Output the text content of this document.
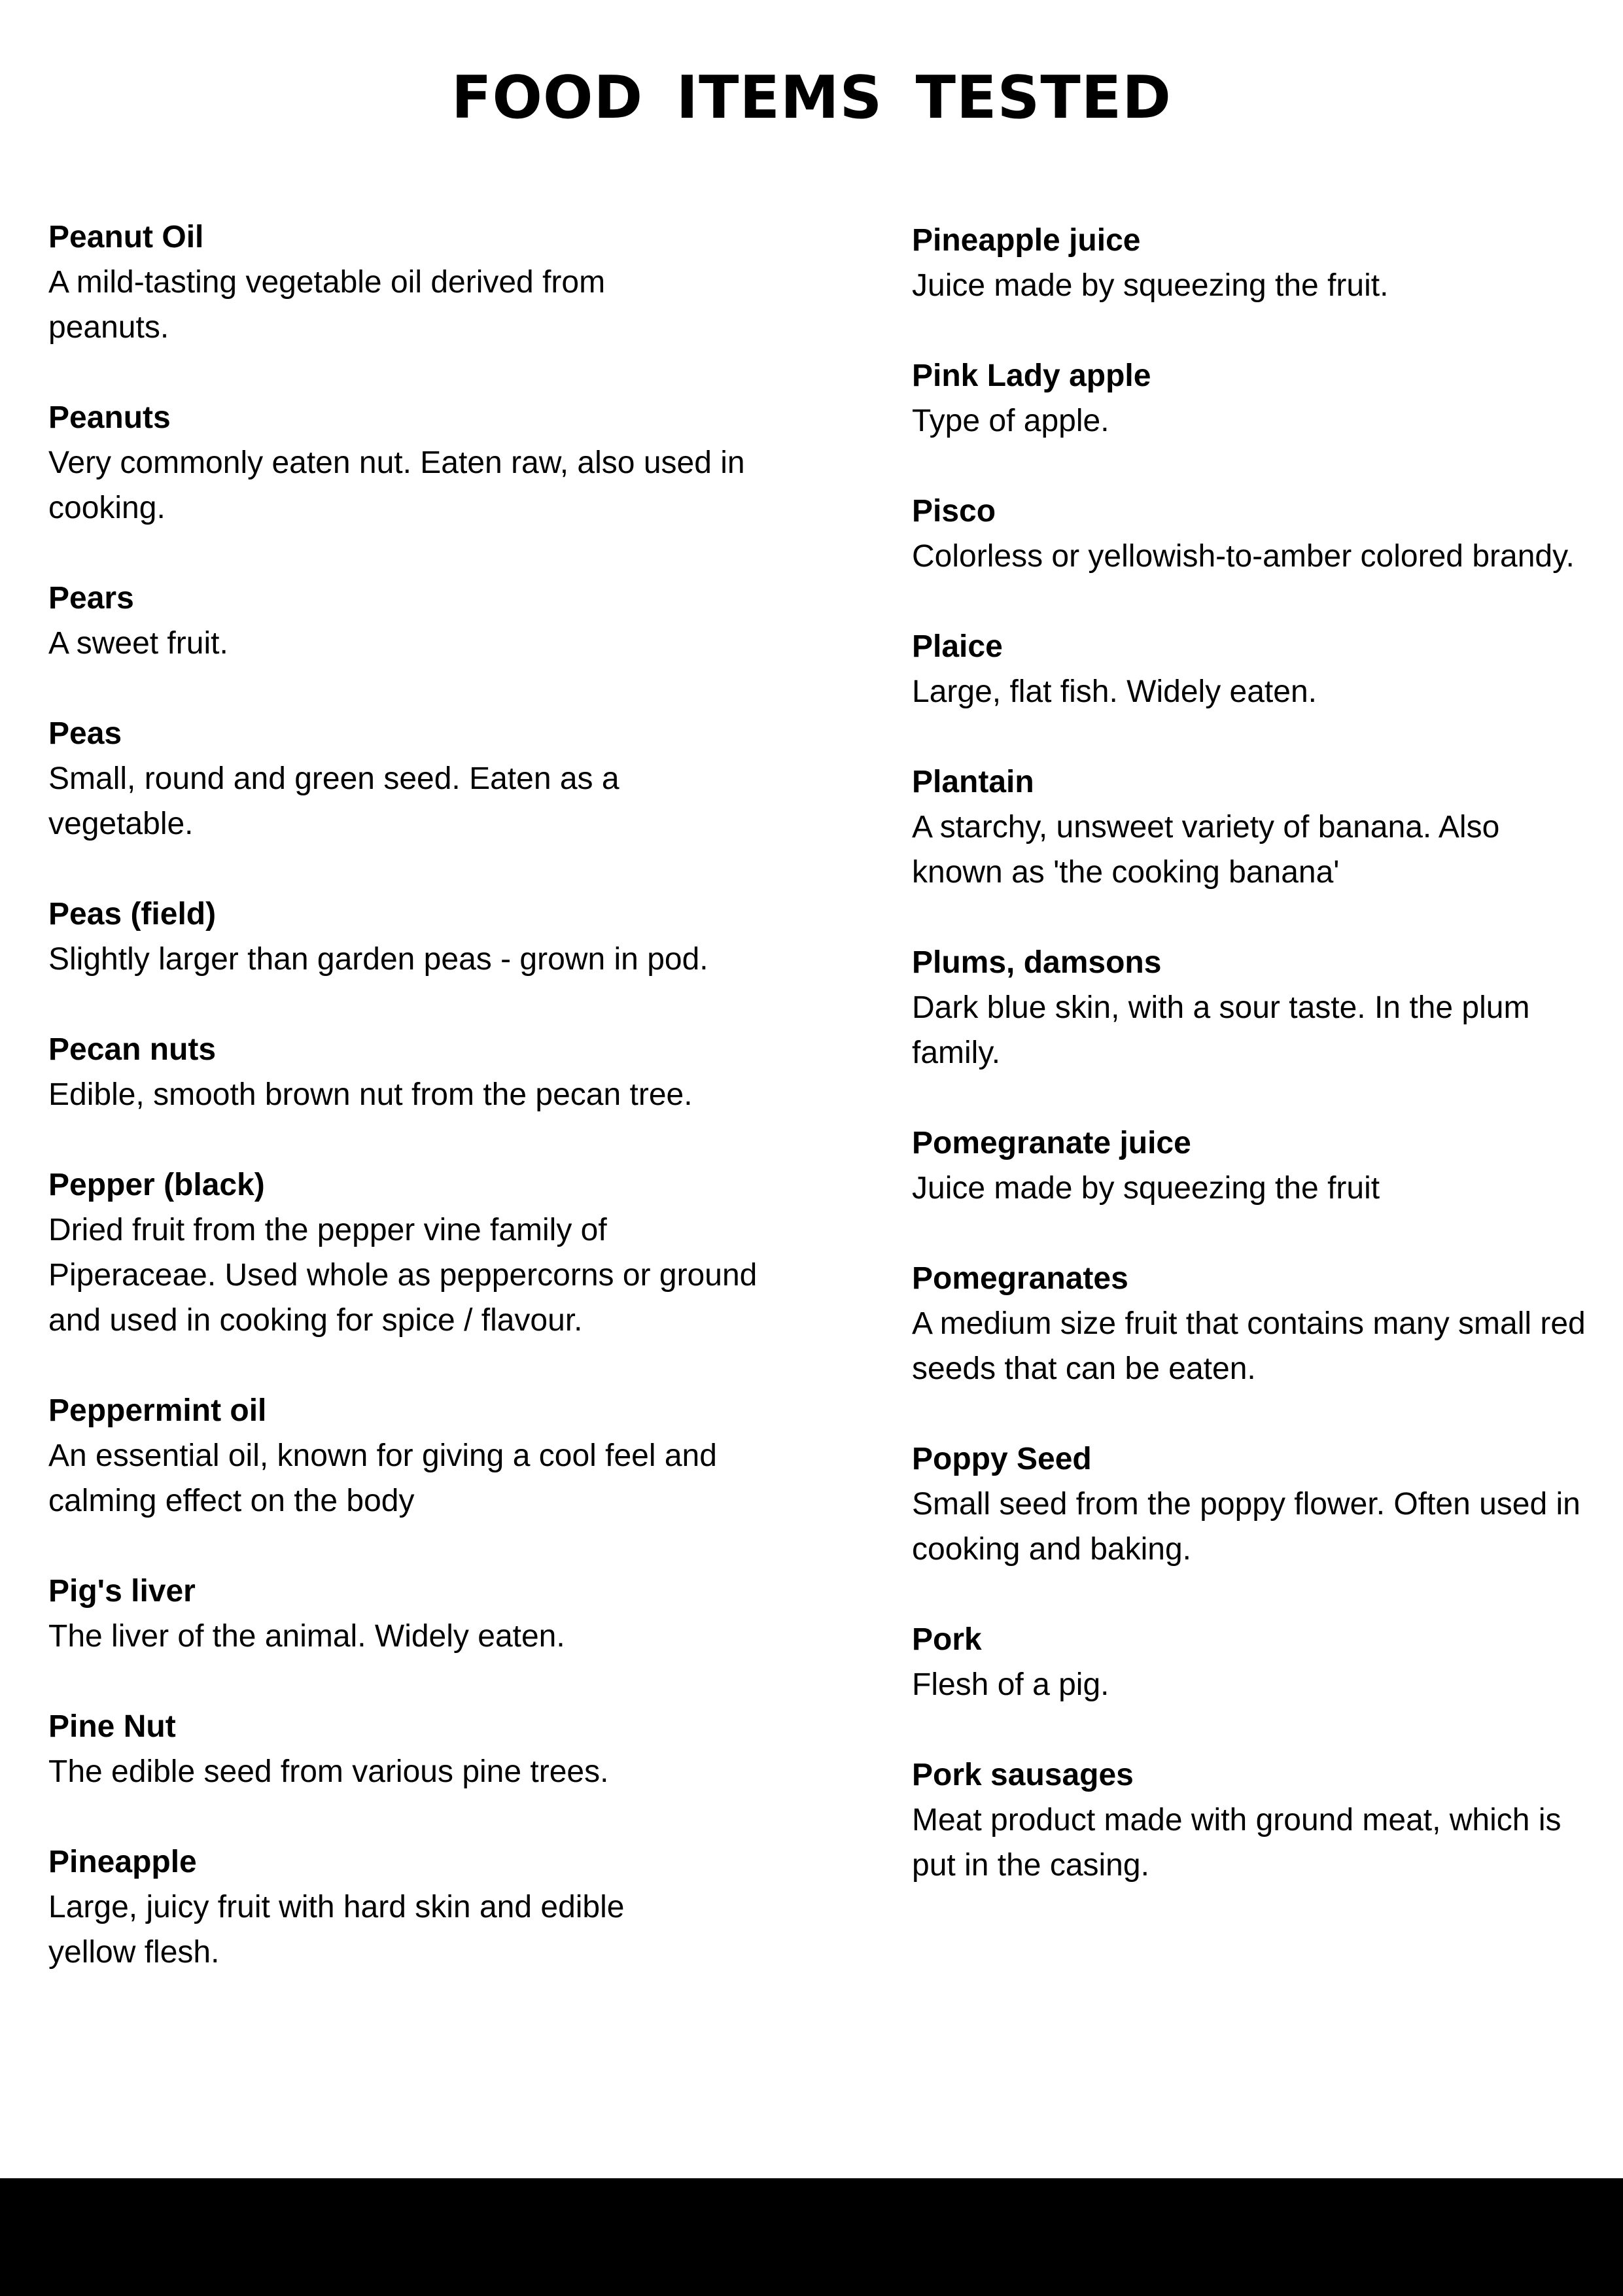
FOOD ITEMS TESTED

Peanut Oil

A mild-tasting vegetable oil derived from peanuts.

Peanuts

Very commonly eaten nut. Eaten raw, also used in cooking.

Pears

A sweet fruit.

Peas

Small, round and green seed. Eaten as a vegetable.

Peas (field)

Slightly larger than garden peas - grown in pod.

Pecan nuts

Edible, smooth brown nut from the pecan tree.

Pepper (black)

Dried fruit from the pepper vine family of Piperaceae. Used whole as peppercorns or ground and used in cooking for spice / flavour.

Peppermint oil

An essential oil, known for giving a cool feel and calming effect on the body

Pig's liver

The liver of the animal. Widely eaten.

Pine Nut

The edible seed from various pine trees.

Pineapple

Large, juicy fruit with hard skin and edible yellow flesh.

Pineapple juice

Juice made by squeezing the fruit.

Pink Lady apple

Type of apple.

Pisco

Colorless or yellowish-to-amber colored brandy.

Plaice

Large, flat fish. Widely eaten.

Plantain

A starchy, unsweet variety of banana. Also known as 'the cooking banana'

Plums, damsons

Dark blue skin, with a sour taste. In the plum family.

Pomegranate juice

Juice made by squeezing the fruit

Pomegranates

A medium size fruit that contains many small red seeds that can be eaten.

Poppy Seed

Small seed from the poppy flower. Often used in cooking and baking.

Pork

Flesh of a pig.

Pork sausages

Meat product made with ground meat, which is put in the casing.
